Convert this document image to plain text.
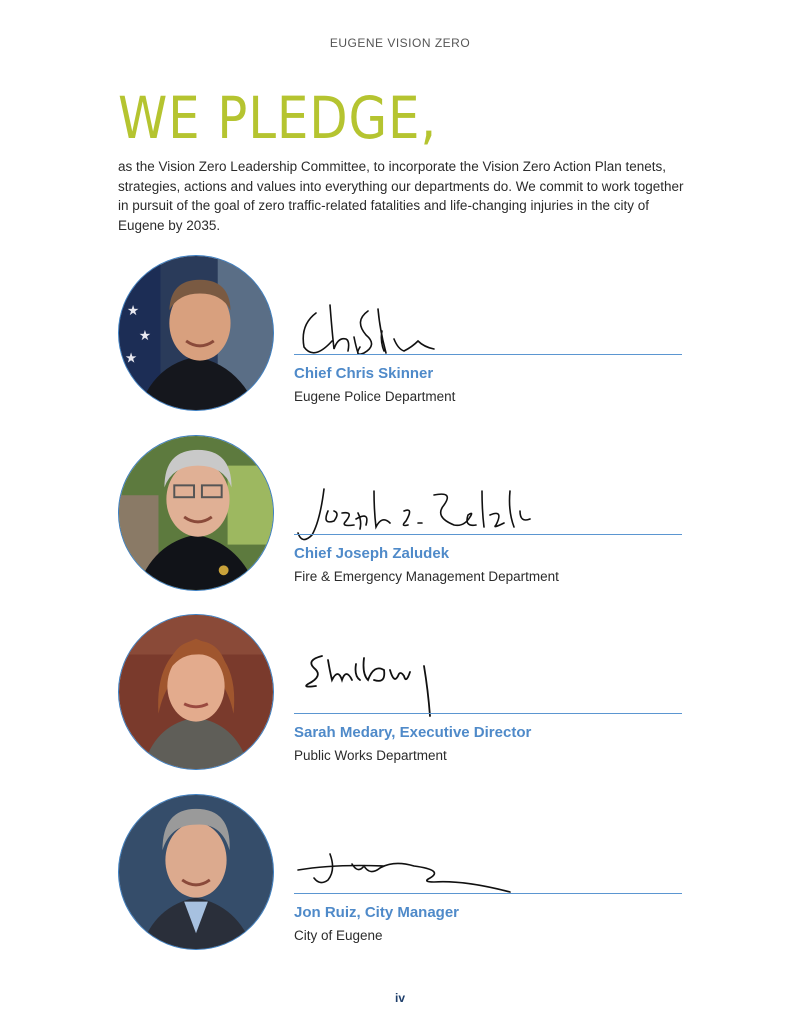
EUGENE VISION ZERO
WE PLEDGE,
as the Vision Zero Leadership Committee, to incorporate the Vision Zero Action Plan tenets, strategies, actions and values into everything our departments do. We commit to work together in pursuit of the goal of zero traffic-related fatalities and life-changing injuries in the city of Eugene by 2035.
★
★
★
Chief Chris Skinner
Eugene Police Department
Chief Joseph Zaludek
Fire & Emergency Management Department
Sarah Medary, Executive Director
Public Works Department
Jon Ruiz, City Manager
City of Eugene
iv
